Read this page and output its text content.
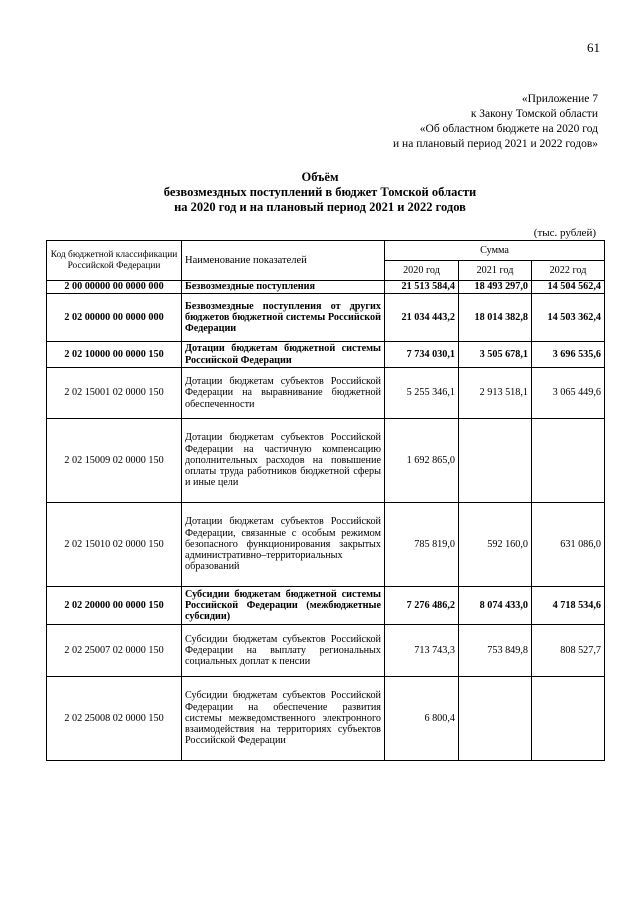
61
«Приложение 7
к Закону Томской области
«Об областном бюджете на 2020 год
и на плановый период 2021 и 2022 годов»
Объём
безвозмездных поступлений в бюджет Томской области
на 2020 год и на плановый период 2021 и 2022 годов
(тыс. рублей)
Код бюджетной классификации Российской Федерации	Наименование показателей	Сумма		
		2020 год	2021 год	2022 год
2 00 00000 00 0000 000	Безвозмездные поступления	21 513 584,4	18 493 297,0	14 504 562,4
2 02 00000 00 0000 000	Безвозмездные поступления от других бюджетов бюджетной системы Российской Федерации	21 034 443,2	18 014 382,8	14 503 362,4
2 02 10000 00 0000 150	Дотации бюджетам бюджетной системы Российской Федерации	7 734 030,1	3 505 678,1	3 696 535,6
2 02 15001 02 0000 150	Дотации бюджетам субъектов Российской Федерации на выравнивание бюджетной обеспеченности	5 255 346,1	2 913 518,1	3 065 449,6
2 02 15009 02 0000 150	Дотации бюджетам субъектов Российской Федерации на частичную компенсацию дополнительных расходов на повышение оплаты труда работников бюджетной сферы и иные цели	1 692 865,0		
2 02 15010 02 0000 150	Дотации бюджетам субъектов Российской Федерации, связанные с особым режимом безопасного функционирования закрытых административно–территориальных образований	785 819,0	592 160,0	631 086,0
2 02 20000 00 0000 150	Субсидии бюджетам бюджетной системы Российской Федерации (межбюджетные субсидии)	7 276 486,2	8 074 433,0	4 718 534,6
2 02 25007 02 0000 150	Субсидии бюджетам субъектов Российской Федерации на выплату региональных социальных доплат к пенсии	713 743,3	753 849,8	808 527,7
2 02 25008 02 0000 150	Субсидии бюджетам субъектов Российской Федерации на обеспечение развития системы межведомственного электронного взаимодействия на территориях субъектов Российской Федерации	6 800,4		
